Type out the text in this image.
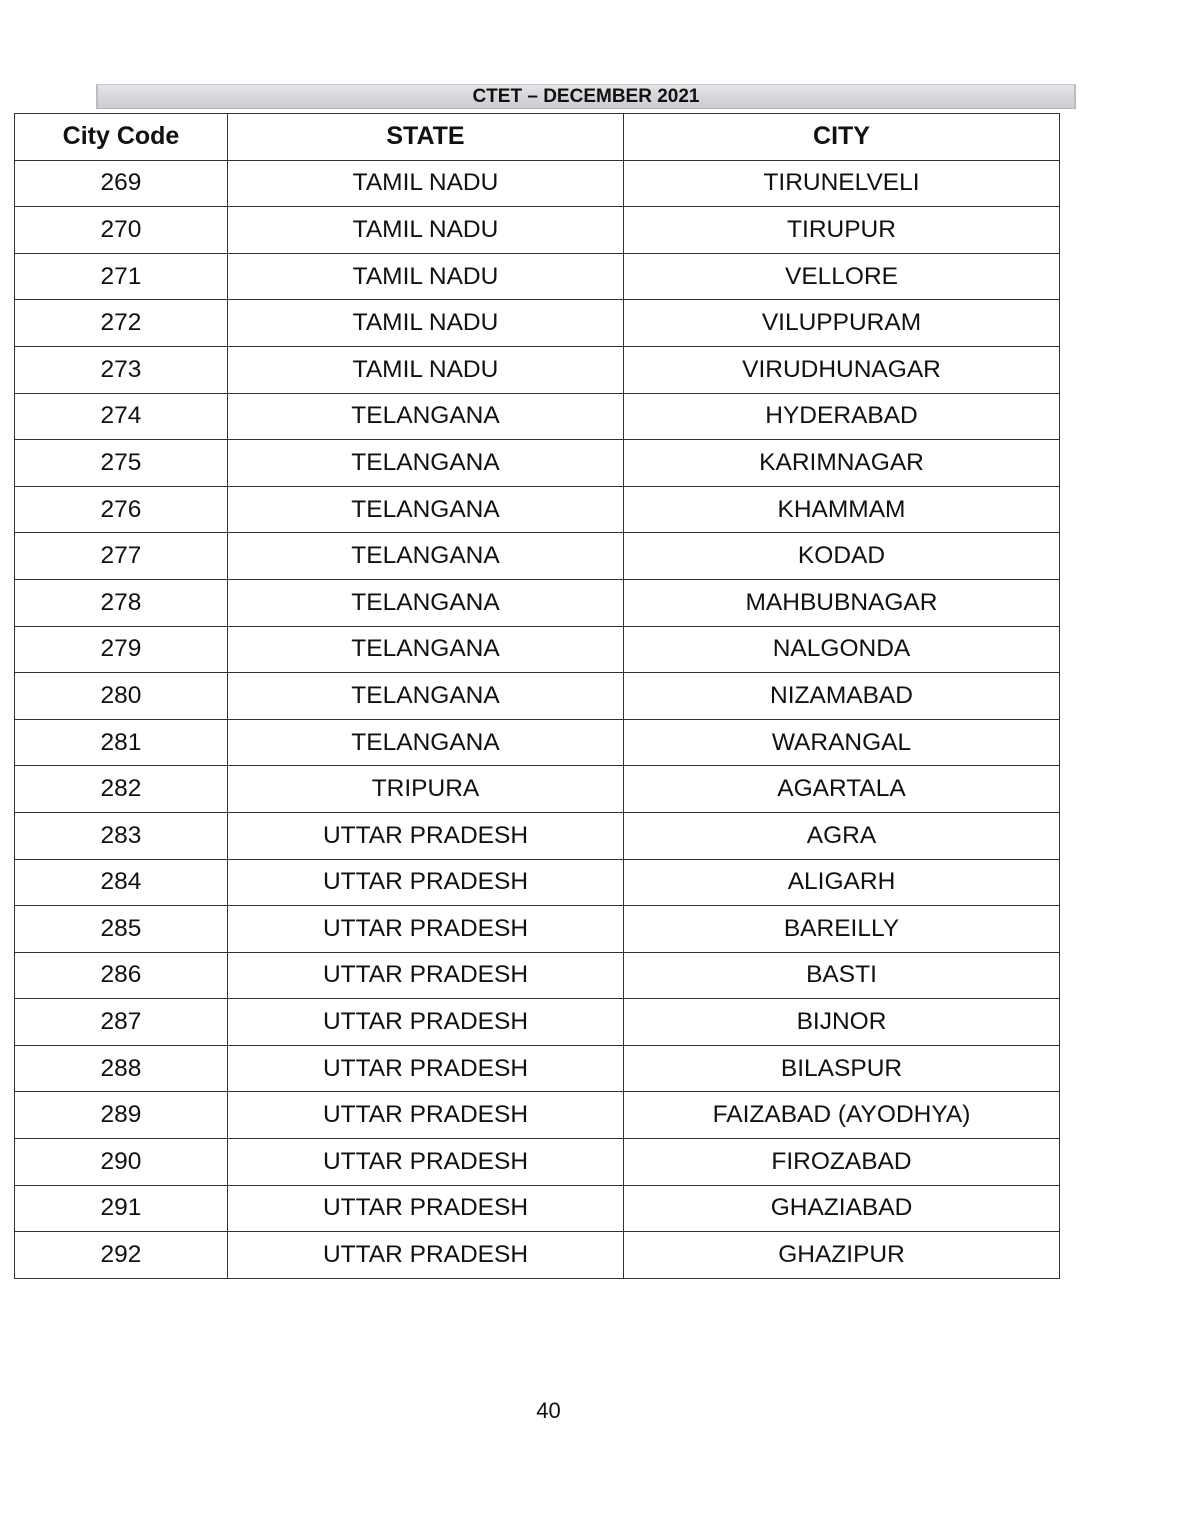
CTET – DECEMBER 2021
City Code	STATE	CITY
269	TAMIL NADU	TIRUNELVELI
270	TAMIL NADU	TIRUPUR
271	TAMIL NADU	VELLORE
272	TAMIL NADU	VILUPPURAM
273	TAMIL NADU	VIRUDHUNAGAR
274	TELANGANA	HYDERABAD
275	TELANGANA	KARIMNAGAR
276	TELANGANA	KHAMMAM
277	TELANGANA	KODAD
278	TELANGANA	MAHBUBNAGAR
279	TELANGANA	NALGONDA
280	TELANGANA	NIZAMABAD
281	TELANGANA	WARANGAL
282	TRIPURA	AGARTALA
283	UTTAR PRADESH	AGRA
284	UTTAR PRADESH	ALIGARH
285	UTTAR PRADESH	BAREILLY
286	UTTAR PRADESH	BASTI
287	UTTAR PRADESH	BIJNOR
288	UTTAR PRADESH	BILASPUR
289	UTTAR PRADESH	FAIZABAD (AYODHYA)
290	UTTAR PRADESH	FIROZABAD
291	UTTAR PRADESH	GHAZIABAD
292	UTTAR PRADESH	GHAZIPUR
40
